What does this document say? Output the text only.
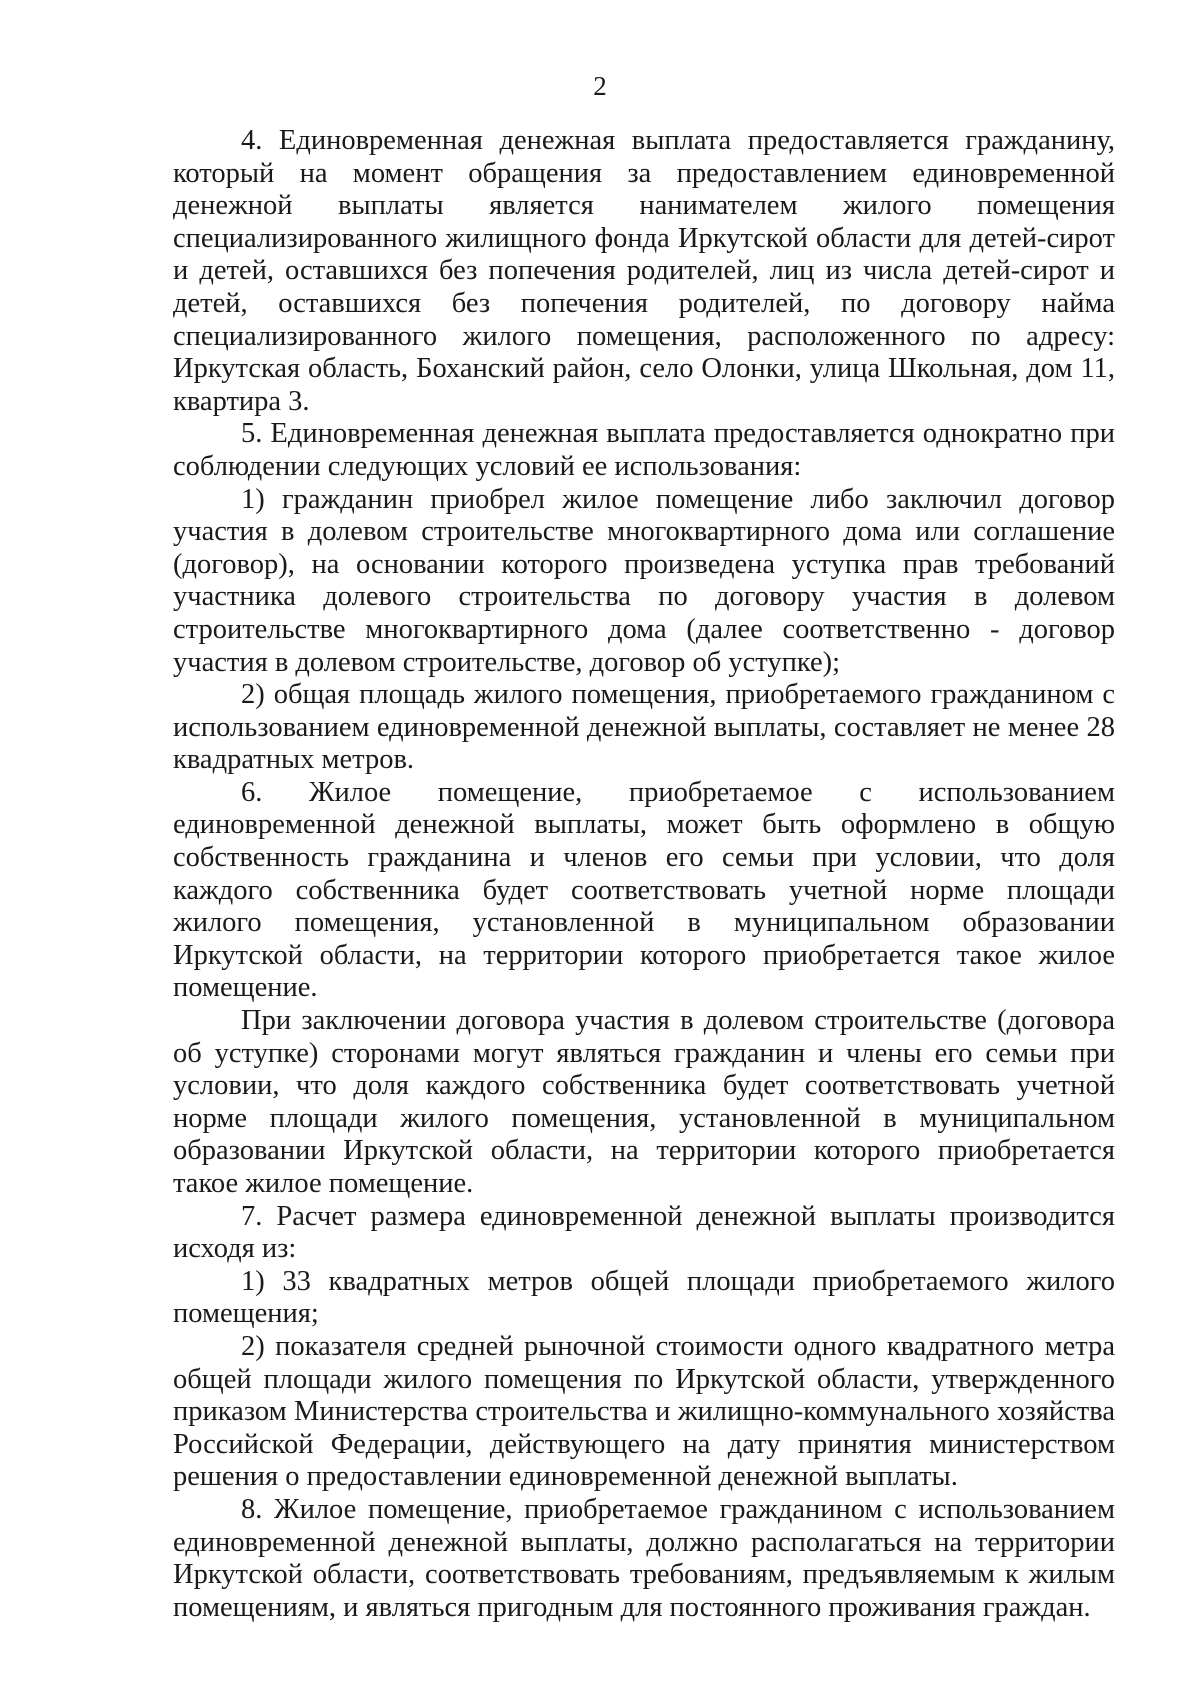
2

4. Единовременная денежная выплата предоставляется гражданину, который на момент обращения за предоставлением единовременной денежной выплаты является нанимателем жилого помещения специализированного жилищного фонда Иркутской области для детей-сирот и детей, оставшихся без попечения родителей, лиц из числа детей-сирот и детей, оставшихся без попечения родителей, по договору найма специализированного жилого помещения, расположенного по адресу: Иркутская область, Боханский район, село Олонки, улица Школьная, дом 11, квартира 3.

5. Единовременная денежная выплата предоставляется однократно при соблюдении следующих условий ее использования:

1) гражданин приобрел жилое помещение либо заключил договор участия в долевом строительстве многоквартирного дома или соглашение (договор), на основании которого произведена уступка прав требований участника долевого строительства по договору участия в долевом строительстве многоквартирного дома (далее соответственно - договор участия в долевом строительстве, договор об уступке);

2) общая площадь жилого помещения, приобретаемого гражданином с использованием единовременной денежной выплаты, составляет не менее 28 квадратных метров.

6. Жилое помещение, приобретаемое с использованием единовременной денежной выплаты, может быть оформлено в общую собственность гражданина и членов его семьи при условии, что доля каждого собственника будет соответствовать учетной норме площади жилого помещения, установленной в муниципальном образовании Иркутской области, на территории которого приобретается такое жилое помещение.

При заключении договора участия в долевом строительстве (договора об уступке) сторонами могут являться гражданин и члены его семьи при условии, что доля каждого собственника будет соответствовать учетной норме площади жилого помещения, установленной в муниципальном образовании Иркутской области, на территории которого приобретается такое жилое помещение.

7. Расчет размера единовременной денежной выплаты производится исходя из:

1) 33 квадратных метров общей площади приобретаемого жилого помещения;

2) показателя средней рыночной стоимости одного квадратного метра общей площади жилого помещения по Иркутской области, утвержденного приказом Министерства строительства и жилищно-коммунального хозяйства Российской Федерации, действующего на дату принятия министерством решения о предоставлении единовременной денежной выплаты.

8. Жилое помещение, приобретаемое гражданином с использованием единовременной денежной выплаты, должно располагаться на территории Иркутской области, соответствовать требованиям, предъявляемым к жилым помещениям, и являться пригодным для постоянного проживания граждан.
